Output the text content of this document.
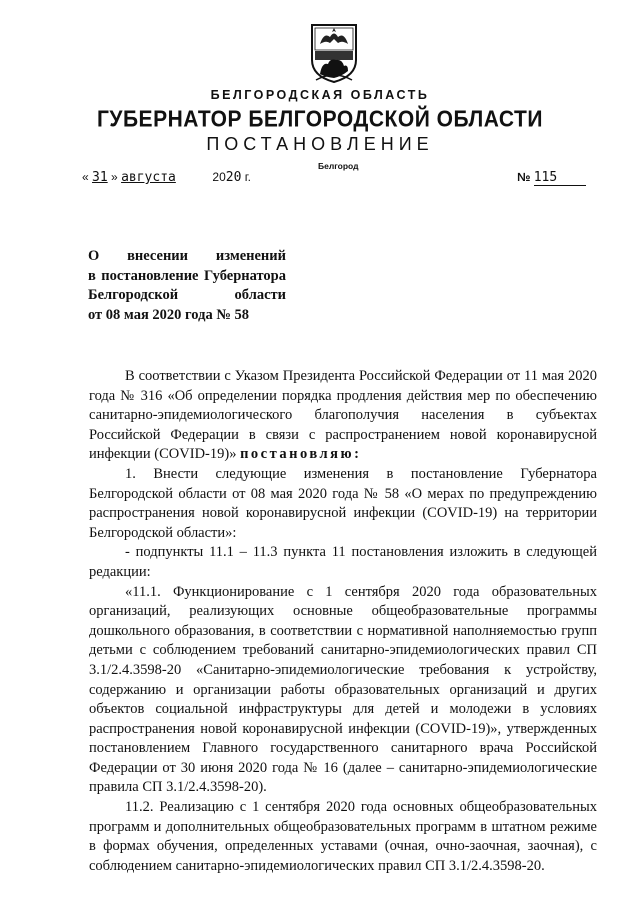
БЕЛГОРОДСКАЯ ОБЛАСТЬ
ГУБЕРНАТОР БЕЛГОРОДСКОЙ ОБЛАСТИ
ПОСТАНОВЛЕНИЕ
Белгород
« 31 » августа	2020 г.	№ 115
О внесении изменений
в постановление Губернатора
Белгородской области
от 08 мая 2020 года № 58

В соответствии с Указом Президента Российской Федерации от 11 мая 2020 года № 316 «Об определении порядка продления действия мер по обеспечению санитарно-эпидемиологического благополучия населения в субъектах Российской Федерации в связи с распространением новой коронавирусной инфекции (COVID-19)» постановляю:

1. Внести следующие изменения в постановление Губернатора Белгородской области от 08 мая 2020 года № 58 «О мерах по предупреждению распространения новой коронавирусной инфекции (COVID-19) на территории Белгородской области»:

- подпункты 11.1 – 11.3 пункта 11 постановления изложить в следующей редакции:

«11.1. Функционирование с 1 сентября 2020 года образовательных организаций, реализующих основные общеобразовательные программы дошкольного образования, в соответствии с нормативной наполняемостью групп детьми с соблюдением требований санитарно-эпидемиологических правил СП 3.1/2.4.3598-20 «Санитарно-эпидемиологические требования к устройству, содержанию и организации работы образовательных организаций и других объектов социальной инфраструктуры для детей и молодежи в условиях распространения новой коронавирусной инфекции (COVID-19)», утвержденных постановлением Главного государственного санитарного врача Российской Федерации от 30 июня 2020 года № 16 (далее – санитарно-эпидемиологические правила СП 3.1/2.4.3598-20).

11.2. Реализацию с 1 сентября 2020 года основных общеобразовательных программ и дополнительных общеобразовательных программ в штатном режиме в формах обучения, определенных уставами (очная, очно-заочная, заочная), с соблюдением санитарно-эпидемиологических правил СП 3.1/2.4.3598-20.
